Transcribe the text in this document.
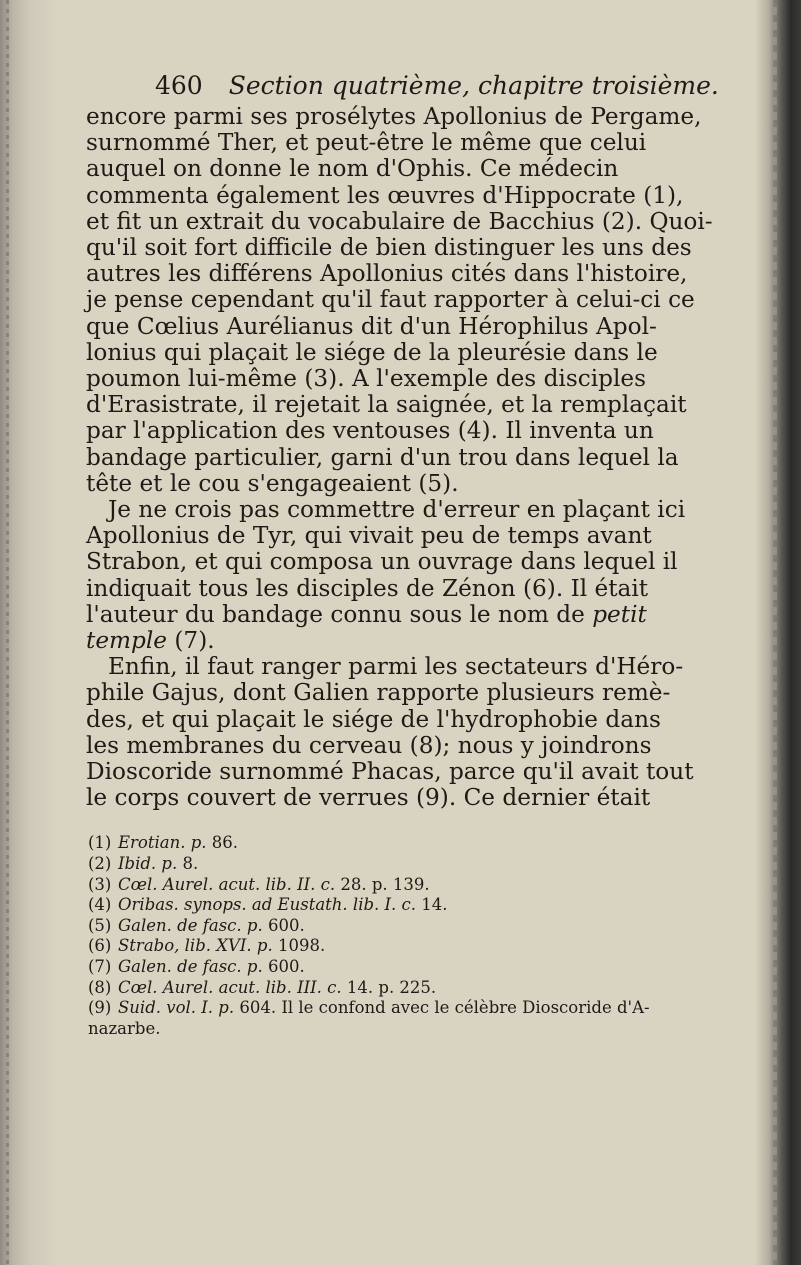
460 Section quatrième, chapitre troisième.
encore parmi ses prosélytes Apollonius de Pergame,
surnommé Ther, et peut-être le même que celui
auquel on donne le nom d'Ophis. Ce médecin
commenta également les œuvres d'Hippocrate (1),
et fit un extrait du vocabulaire de Bacchius (2). Quoi-
qu'il soit fort difficile de bien distinguer les uns des
autres les différens Apollonius cités dans l'histoire,
je pense cependant qu'il faut rapporter à celui-ci ce
que Cœlius Aurélianus dit d'un Hérophilus Apol-
lonius qui plaçait le siége de la pleurésie dans le
poumon lui-même (3). A l'exemple des disciples
d'Erasistrate, il rejetait la saignée, et la remplaçait
par l'application des ventouses (4). Il inventa un
bandage particulier, garni d'un trou dans lequel la
tête et le cou s'engageaient (5).
Je ne crois pas commettre d'erreur en plaçant ici
Apollonius de Tyr, qui vivait peu de temps avant
Strabon, et qui composa un ouvrage dans lequel il
indiquait tous les disciples de Zénon (6). Il était
l'auteur du bandage connu sous le nom de petit
temple (7).
Enfin, il faut ranger parmi les sectateurs d'Héro-
phile Gajus, dont Galien rapporte plusieurs remè-
des, et qui plaçait le siége de l'hydrophobie dans
les membranes du cerveau (8); nous y joindrons
Dioscoride surnommé Phacas, parce qu'il avait tout
le corps couvert de verrues (9). Ce dernier était
(1) Erotian. p. 86.
(2) Ibid. p. 8.
(3) Cœl. Aurel. acut. lib. II. c. 28. p. 139.
(4) Oribas. synops. ad Eustath. lib. I. c. 14.
(5) Galen. de fasc. p. 600.
(6) Strabo, lib. XVI. p. 1098.
(7) Galen. de fasc. p. 600.
(8) Cœl. Aurel. acut. lib. III. c. 14. p. 225.
(9) Suid. vol. I. p. 604. Il le confond avec le célèbre Dioscoride d'A-
nazarbe.
